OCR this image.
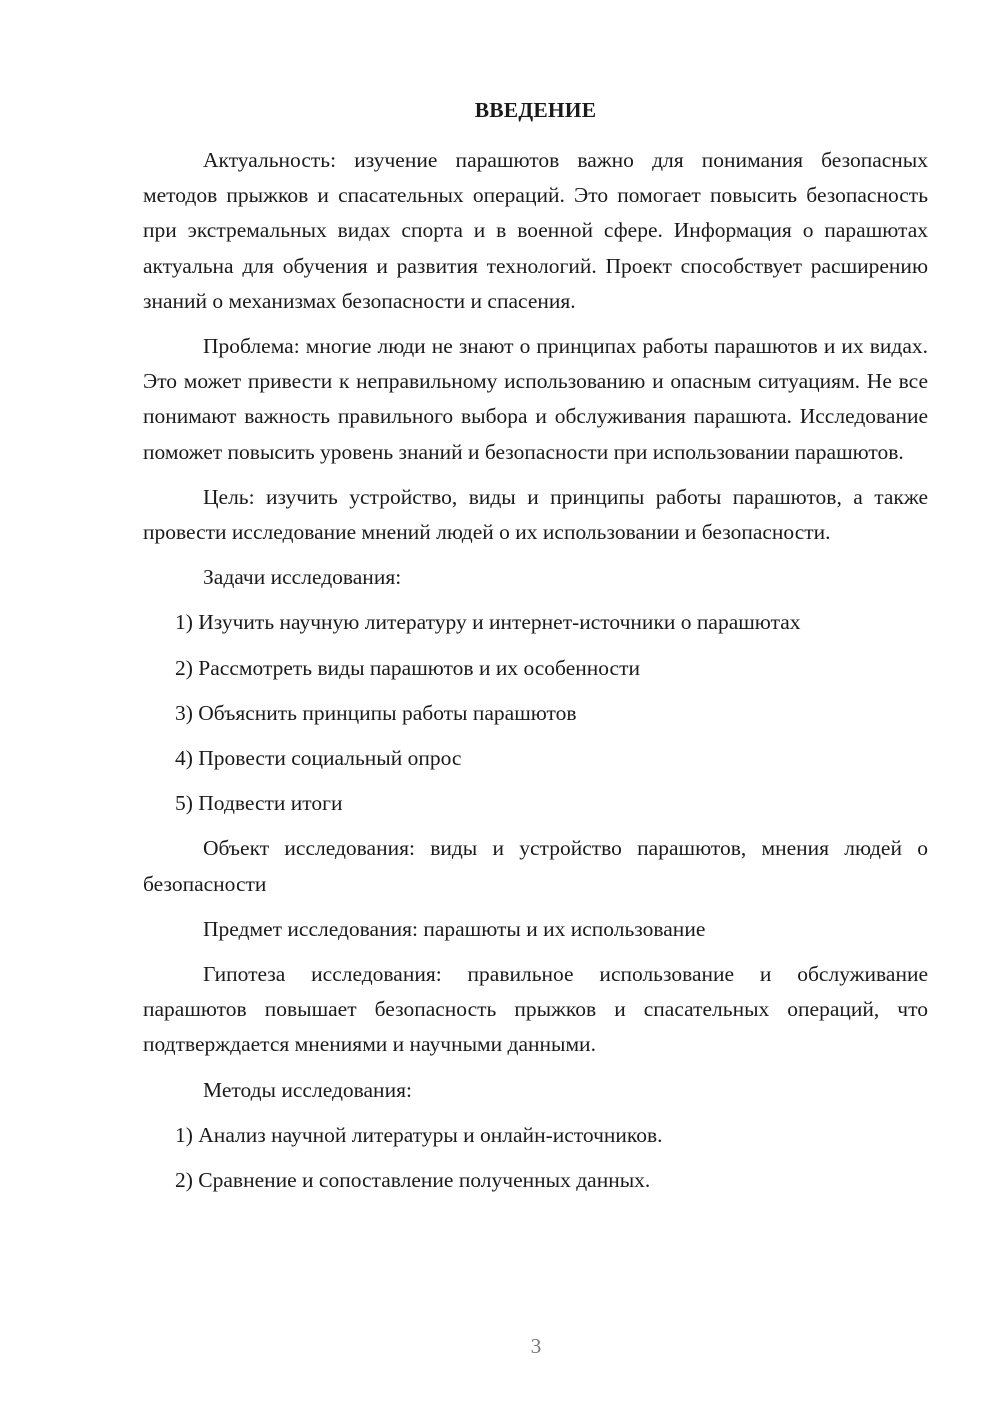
ВВЕДЕНИЕ

Актуальность: изучение парашютов важно для понимания безопасных методов прыжков и спасательных операций. Это помогает повысить безопасность при экстремальных видах спорта и в военной сфере. Информация о парашютах актуальна для обучения и развития технологий. Проект способствует расширению знаний о механизмах безопасности и спасения.

Проблема: многие люди не знают о принципах работы парашютов и их видах. Это может привести к неправильному использованию и опасным ситуациям. Не все понимают важность правильного выбора и обслуживания парашюта. Исследование поможет повысить уровень знаний и безопасности при использовании парашютов.

Цель: изучить устройство, виды и принципы работы парашютов, а также провести исследование мнений людей о их использовании и безопасности.

Задачи исследования:

1) Изучить научную литературу и интернет-источники о парашютах

2) Рассмотреть виды парашютов и их особенности

3) Объяснить принципы работы парашютов

4) Провести социальный опрос

5) Подвести итоги

Объект исследования: виды и устройство парашютов, мнения людей о безопасности

Предмет исследования: парашюты и их использование

Гипотеза исследования: правильное использование и обслуживание парашютов повышает безопасность прыжков и спасательных операций, что подтверждается мнениями и научными данными.

Методы исследования:

1) Анализ научной литературы и онлайн-источников.

2) Сравнение и сопоставление полученных данных.

3
